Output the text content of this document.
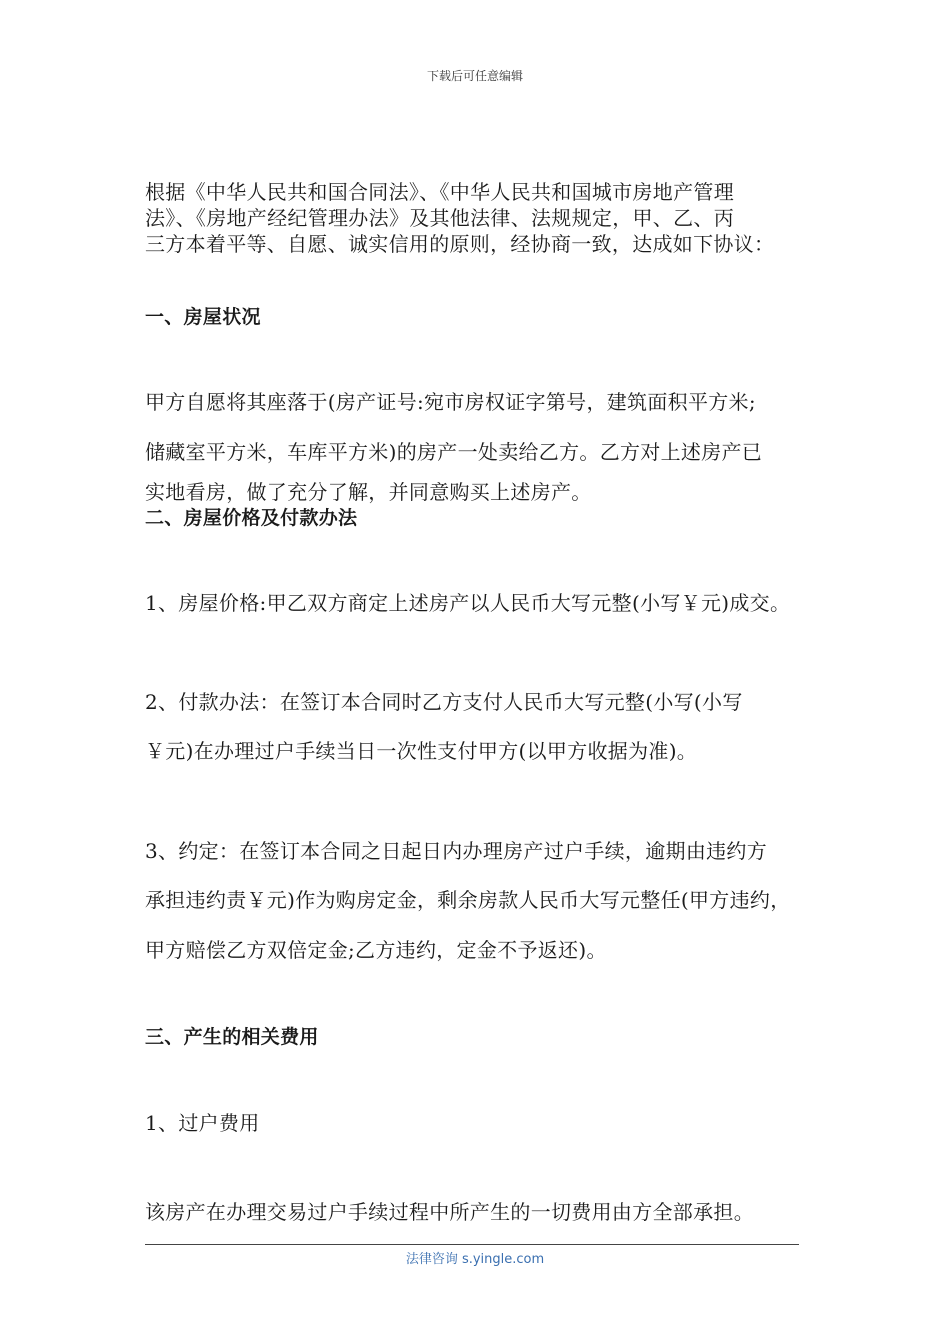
下载后可任意编辑
根据《中华人民共和国合同法》、《中华人民共和国城市房地产管理
法》、《房地产经纪管理办法》及其他法律、法规规定，甲、乙、丙
三方本着平等、自愿、诚实信用的原则，经协商一致，达成如下协议：
一、房屋状况
甲方自愿将其座落于(房产证号:宛市房权证字第号，建筑面积平方米;
储藏室平方米，车库平方米)的房产一处卖给乙方。乙方对上述房产已
实地看房，做了充分了解，并同意购买上述房产。
二、房屋价格及付款办法
1、房屋价格:甲乙双方商定上述房产以人民币大写元整(小写￥元)成交。
2、付款办法：在签订本合同时乙方支付人民币大写元整(小写(小写
￥元)在办理过户手续当日一次性支付甲方(以甲方收据为准)。
3、约定：在签订本合同之日起日内办理房产过户手续，逾期由违约方
承担违约责￥元)作为购房定金，剩余房款人民币大写元整任(甲方违约，
甲方赔偿乙方双倍定金;乙方违约，定金不予返还)。
三、产生的相关费用
1、过户费用
该房产在办理交易过户手续过程中所产生的一切费用由方全部承担。
法律咨询 s.yingle.com
